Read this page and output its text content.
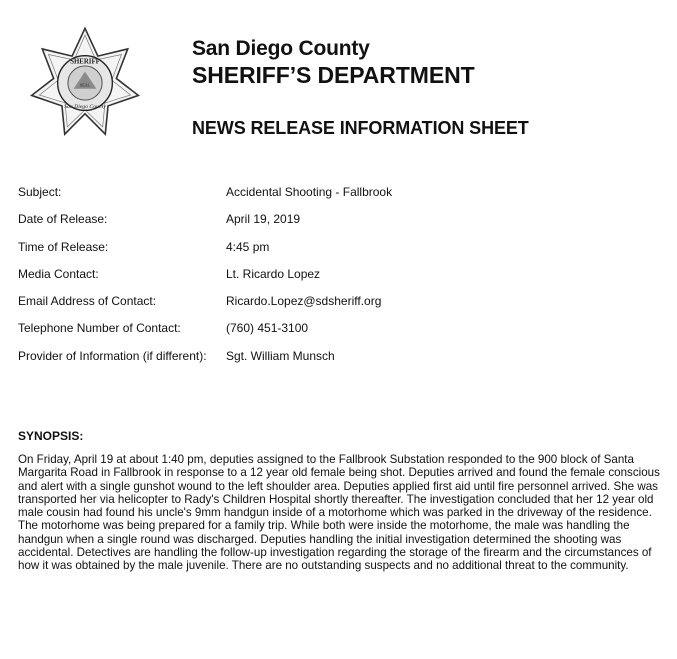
SHERIFF
San Diego County
SEAL
San Diego County
SHERIFF’S DEPARTMENT
NEWS RELEASE INFORMATION SHEET
Subject:	Accidental Shooting - Fallbrook
Date of Release:	April 19, 2019
Time of Release:	4:45 pm
Media Contact:	Lt. Ricardo Lopez
Email Address of Contact:	Ricardo.Lopez@sdsheriff.org
Telephone Number of Contact:	(760) 451-3100
Provider of Information (if different): Sgt. William Munsch
SYNOPSIS:
On Friday, April 19 at about 1:40 pm, deputies assigned to the Fallbrook Substation responded to the 900 block of Santa Margarita Road in Fallbrook in response to a 12 year old female being shot. Deputies arrived and found the female conscious and alert with a single gunshot wound to the left shoulder area. Deputies applied first aid until fire personnel arrived. She was transported her via helicopter to Rady's Children Hospital shortly thereafter. The investigation concluded that her 12 year old male cousin had found his uncle's 9mm handgun inside of a motorhome which was parked in the driveway of the residence. The motorhome was being prepared for a family trip. While both were inside the motorhome, the male was handling the handgun when a single round was discharged. Deputies handling the initial investigation determined the shooting was accidental. Detectives are handling the follow-up investigation regarding the storage of the firearm and the circumstances of how it was obtained by the male juvenile. There are no outstanding suspects and no additional threat to the community.
